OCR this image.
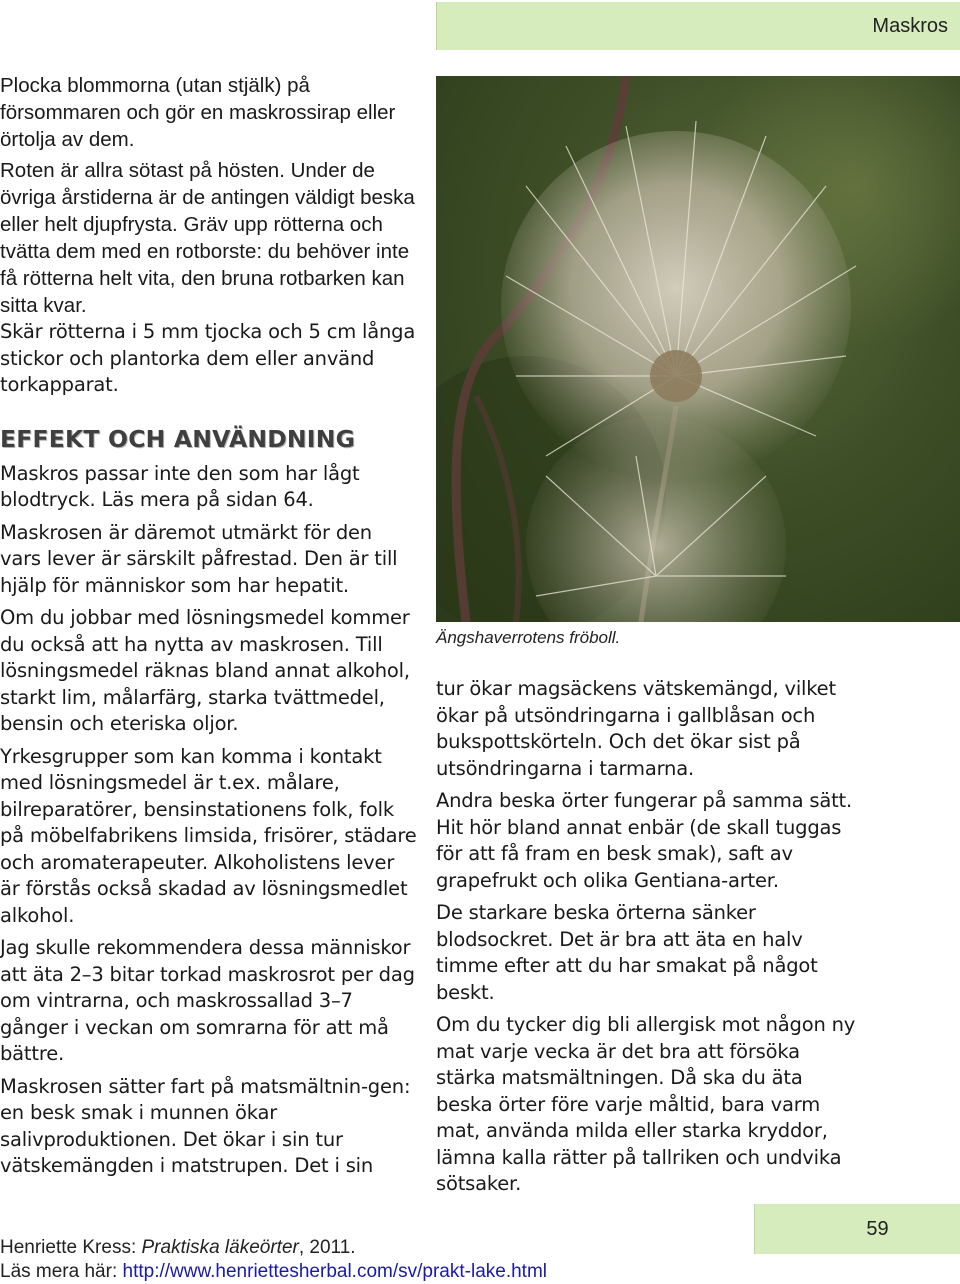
Maskros

Plocka blommorna (utan stjälk) på försommaren och gör en maskrossirap eller örtolja av dem.

Roten är allra sötast på hösten. Under de övriga årstiderna är de antingen väldigt beska eller helt djupfrysta. Gräv upp rötterna och tvätta dem med en rotborste: du behöver inte få rötterna helt vita, den bruna rotbarken kan sitta kvar.

Skär rötterna i 5 mm tjocka och 5 cm långa stickor och plantorka dem eller använd torkapparat.

EFFEKT OCH ANVÄNDNING

Maskros passar inte den som har lågt blodtryck. Läs mera på sidan 64.

Maskrosen är däremot utmärkt för den vars lever är särskilt påfrestad. Den är till hjälp för människor som har hepatit.

Om du jobbar med lösningsmedel kommer du också att ha nytta av maskrosen. Till lösningsmedel räknas bland annat alkohol, starkt lim, målarfärg, starka tvättmedel, bensin och eteriska oljor.

Yrkesgrupper som kan komma i kontakt med lösningsmedel är t.ex. målare, bilreparatörer, bensinstationens folk, folk på möbelfabrikens limsida, frisörer, städare och aromaterapeuter. Alkoholistens lever är förstås också skadad av lösningsmedlet alkohol.

Jag skulle rekommendera dessa människor att äta 2–3 bitar torkad maskrosrot per dag om vintrarna, och maskrossallad 3–7 gånger i veckan om somrarna för att må bättre.

Maskrosen sätter fart på matsmältnin-gen: en besk smak i munnen ökar salivproduktionen. Det ökar i sin tur vätskemängden i matstrupen. Det i sin

Ängshaverrotens fröboll.

tur ökar magsäckens vätskemängd, vilket ökar på utsöndringarna i gallblåsan och bukspottskörteln. Och det ökar sist på utsöndringarna i tarmarna.

Andra beska örter fungerar på samma sätt. Hit hör bland annat enbär (de skall tuggas för att få fram en besk smak), saft av grapefrukt och olika Gentiana-arter.

De starkare beska örterna sänker blodsockret. Det är bra att äta en halv timme efter att du har smakat på något beskt.

Om du tycker dig bli allergisk mot någon ny mat varje vecka är det bra att försöka stärka matsmältningen. Då ska du äta beska örter före varje måltid, bara varm mat, använda milda eller starka kryddor, lämna kalla rätter på tallriken och undvika sötsaker.

59
Henriette Kress: Praktiska läkeörter, 2011.
Läs mera här: http://www.henriettesherbal.com/sv/prakt-lake.html
